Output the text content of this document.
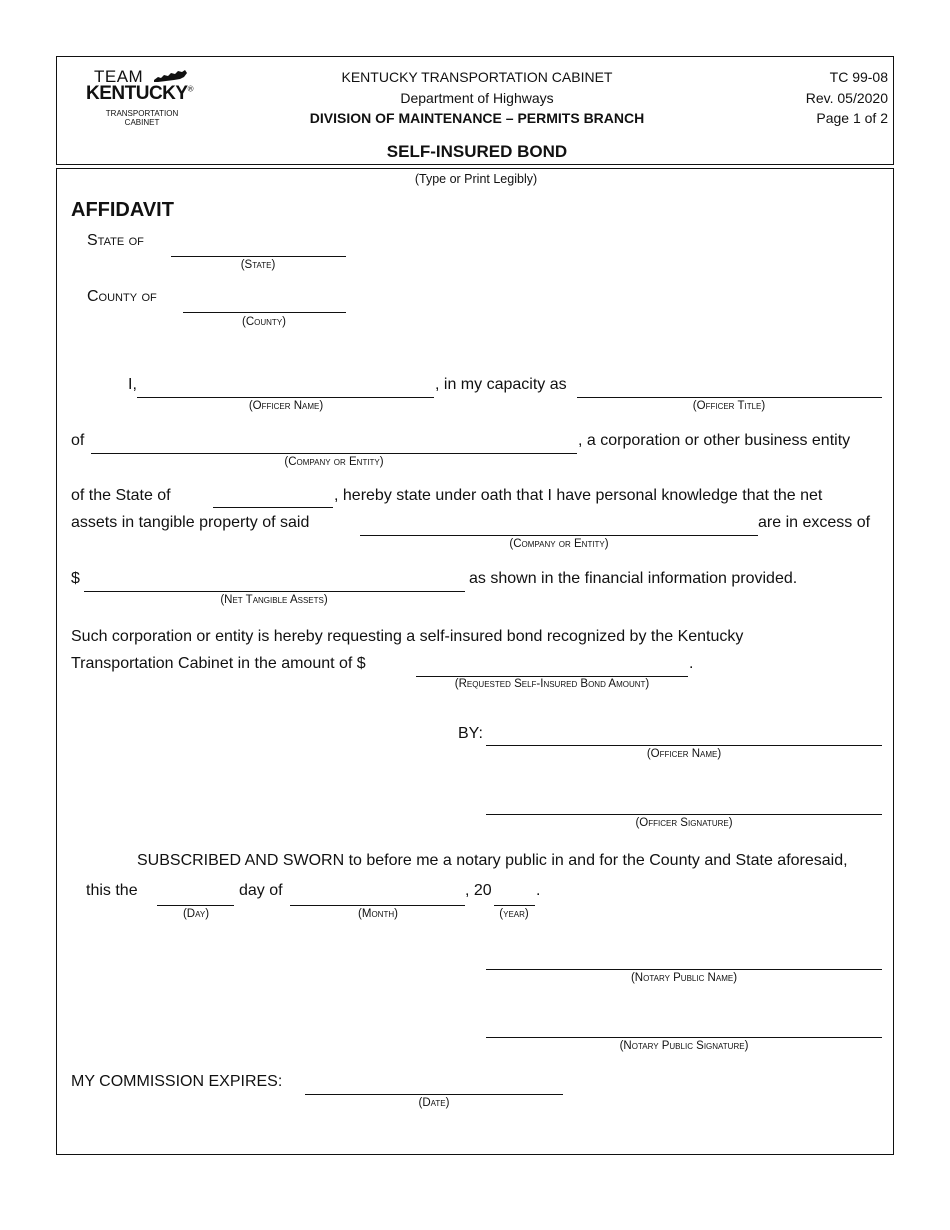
TEAM
KENTUCKY®
TRANSPORTATION
CABINET
KENTUCKY TRANSPORTATION CABINET
Department of Highways
DIVISION OF MAINTENANCE – PERMITS BRANCH
TC 99-08
Rev. 05/2020
Page 1 of 2
SELF-INSURED BOND
(Type or Print Legibly)
AFFIDAVIT
State of
(State)
County of
(County)
I,	, in my capacity as
(Officer Name)	(Officer Title)
of	, a corporation or other business entity
(Company or Entity)
of the State of	, hereby state under oath that I have personal knowledge that the net
assets in tangible property of said	are in excess of
(Company or Entity)
$	as shown in the financial information provided.
(Net Tangible Assets)
Such corporation or entity is hereby requesting a self-insured bond recognized by the Kentucky
Transportation Cabinet in the amount of $	.
(Requested Self-Insured Bond Amount)
BY:
(Officer Name)
(Officer Signature)
SUBSCRIBED AND SWORN to before me a notary public in and for the County and State aforesaid,
this the	day of	, 20	.
(Day)	(Month)	(year)
(Notary Public Name)
(Notary Public Signature)
MY COMMISSION EXPIRES:
(Date)
